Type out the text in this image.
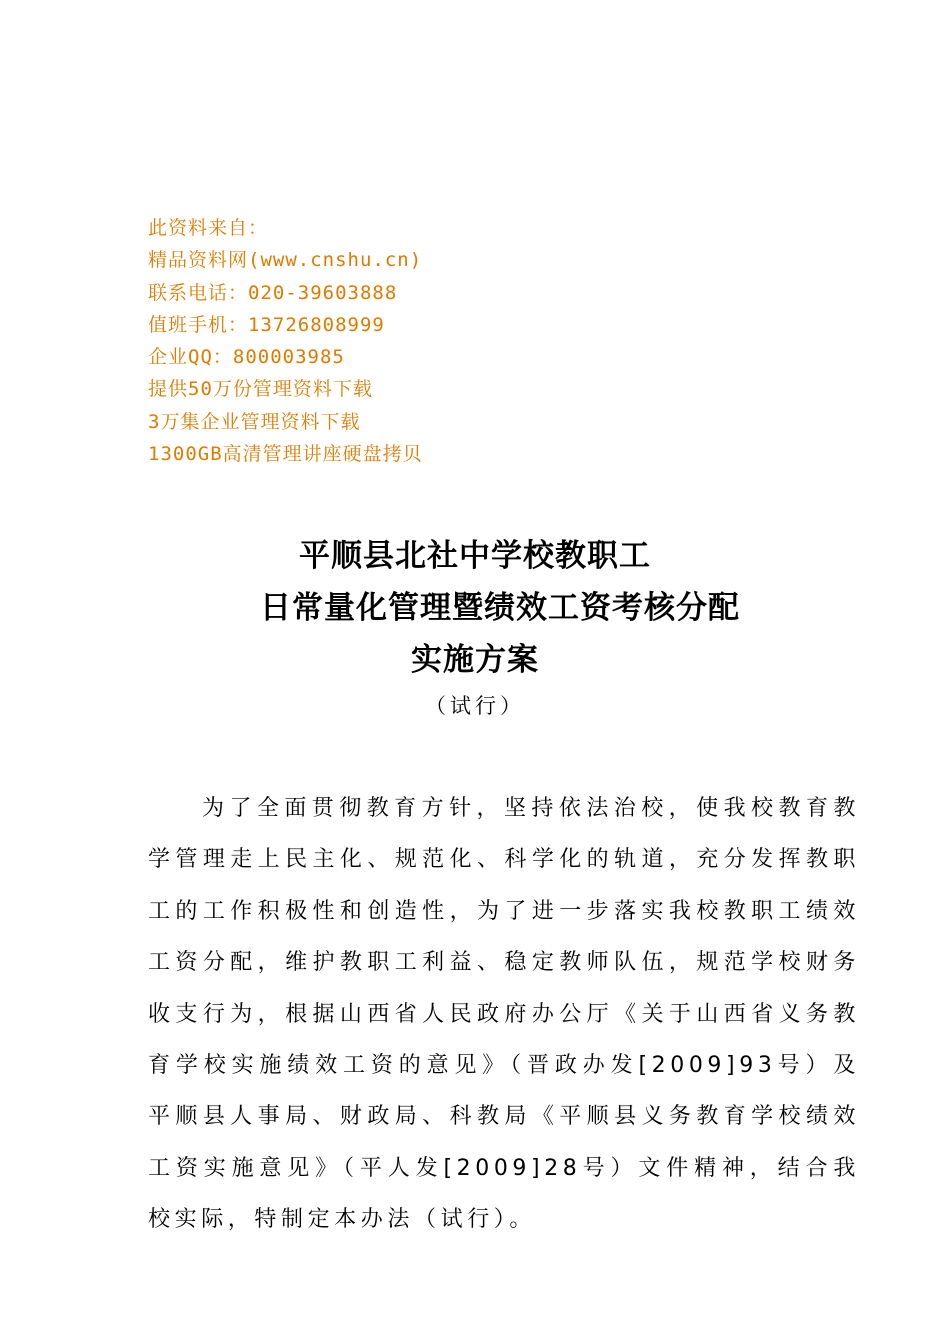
此资料来自：
精品资料网(www.cnshu.cn)
联系电话：020-39603888
值班手机：13726808999
企业QQ：800003985
提供50万份管理资料下载
3万集企业管理资料下载
1300GB高清管理讲座硬盘拷贝
平顺县北社中学校教职工
日常量化管理暨绩效工资考核分配
实施方案
（试行）
为了全面贯彻教育方针，坚持依法治校，使我校教育教学管理走上民主化、规范化、科学化的轨道，充分发挥教职工的工作积极性和创造性，为了进一步落实我校教职工绩效工资分配，维护教职工利益、稳定教师队伍，规范学校财务收支行为，根据山西省人民政府办公厅《关于山西省义务教育学校实施绩效工资的意见》（晋政办发[2009]93号）及平顺县人事局、财政局、科教局《平顺县义务教育学校绩效工资实施意见》（平人发[2009]28号）文件精神，结合我校实际，特制定本办法（试行）。
